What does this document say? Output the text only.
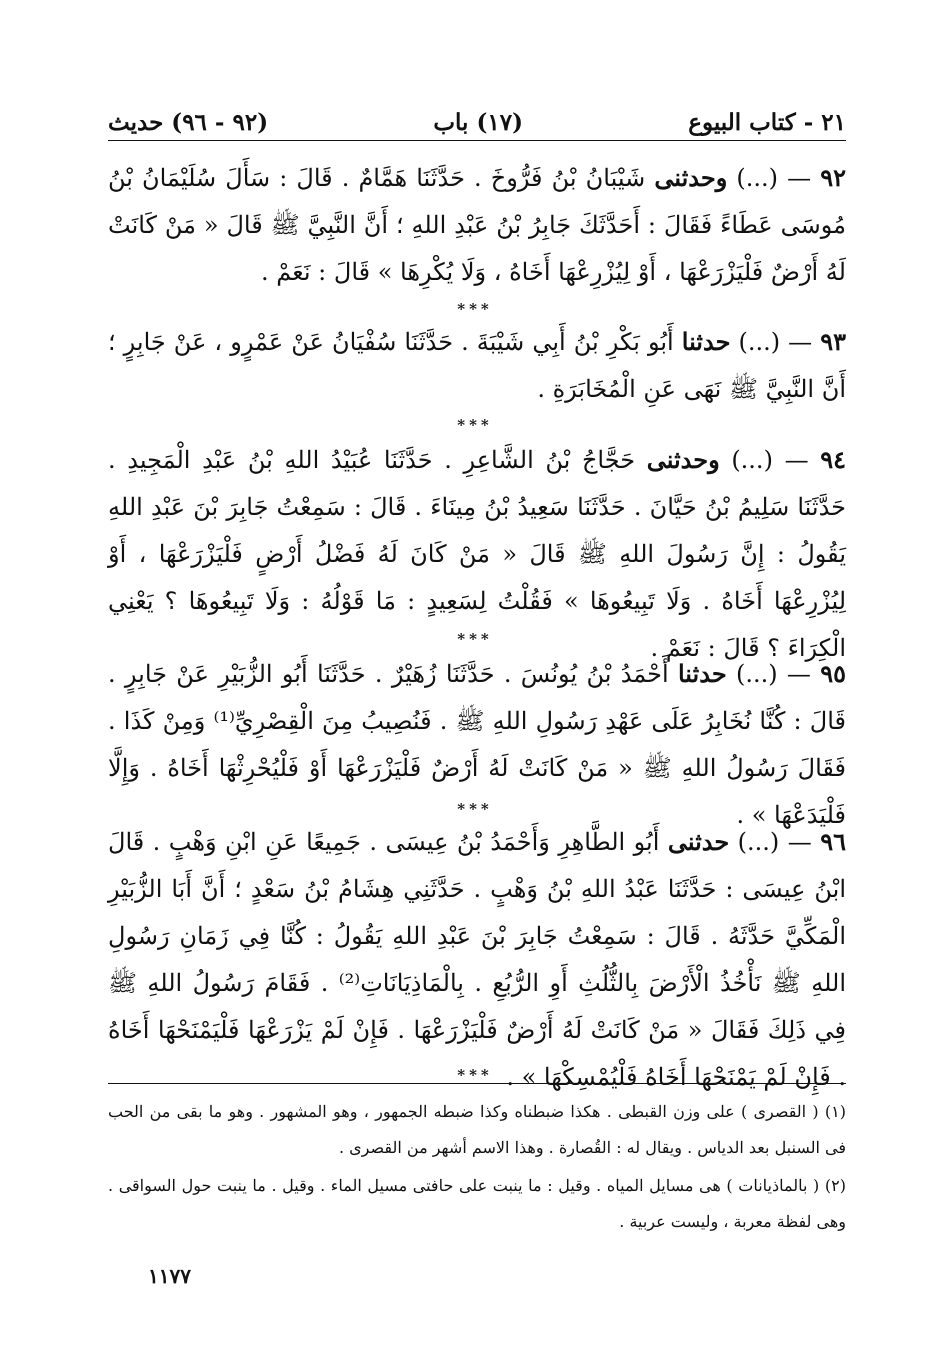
٢١ - كتاب البيوع
(١٧) باب
(٩٢ - ٩٦) حديث
٩٢ — (...) وحدثنى شَيْبَانُ بْنُ فَرُّوخَ . حَدَّثَنَا هَمَّامٌ . قَالَ : سَأَلَ سُلَيْمَانُ بْنُ مُوسَى عَطَاءً فَقَالَ : أَحَدَّثَكَ جَابِرُ بْنُ عَبْدِ اللهِ ؛ أَنَّ النَّبِيَّ ﷺ قَالَ « مَنْ كَانَتْ لَهُ أَرْضٌ فَلْيَزْرَعْهَا ، أَوْ لِيُزْرِعْهَا أَخَاهُ ، وَلَا يُكْرِهَا » قَالَ : نَعَمْ .
***
٩٣ — (...) حدثنا أَبُو بَكْرِ بْنُ أَبِي شَيْبَةَ . حَدَّثَنَا سُفْيَانُ عَنْ عَمْرٍو ، عَنْ جَابِرٍ ؛ أَنَّ النَّبِيَّ ﷺ نَهَى عَنِ الْمُخَابَرَةِ .
***
٩٤ — (...) وحدثنى حَجَّاجُ بْنُ الشَّاعِرِ . حَدَّثَنَا عُبَيْدُ اللهِ بْنُ عَبْدِ الْمَجِيدِ . حَدَّثَنَا سَلِيمُ بْنُ حَيَّانَ . حَدَّثَنَا سَعِيدُ بْنُ مِينَاءَ . قَالَ : سَمِعْتُ جَابِرَ بْنَ عَبْدِ اللهِ يَقُولُ : إِنَّ رَسُولَ اللهِ ﷺ قَالَ « مَنْ كَانَ لَهُ فَضْلُ أَرْضٍ فَلْيَزْرَعْهَا ، أَوْ لِيُزْرِعْهَا أَخَاهُ . وَلَا تَبِيعُوهَا » فَقُلْتُ لِسَعِيدٍ : مَا قَوْلُهُ : وَلَا تَبِيعُوهَا ؟ يَعْنِي الْكِرَاءَ ؟ قَالَ : نَعَمْ .
***
٩٥ — (...) حدثنا أَحْمَدُ بْنُ يُونُسَ . حَدَّثَنَا زُهَيْرٌ . حَدَّثَنَا أَبُو الزُّبَيْرِ عَنْ جَابِرٍ . قَالَ : كُنَّا نُخَابِرُ عَلَى عَهْدِ رَسُولِ اللهِ ﷺ . فَنُصِيبُ مِنَ الْقِصْرِيِّ⁽¹⁾ وَمِنْ كَذَا . فَقَالَ رَسُولُ اللهِ ﷺ « مَنْ كَانَتْ لَهُ أَرْضٌ فَلْيَزْرَعْهَا أَوْ فَلْيُحْرِثْهَا أَخَاهُ . وَإِلَّا فَلْيَدَعْهَا » .
***
٩٦ — (...) حدثنى أَبُو الطَّاهِرِ وَأَحْمَدُ بْنُ عِيسَى . جَمِيعًا عَنِ ابْنِ وَهْبٍ . قَالَ ابْنُ عِيسَى : حَدَّثَنَا عَبْدُ اللهِ بْنُ وَهْبٍ . حَدَّثَنِي هِشَامُ بْنُ سَعْدٍ ؛ أَنَّ أَبَا الزُّبَيْرِ الْمَكِّيَّ حَدَّثَهُ . قَالَ : سَمِعْتُ جَابِرَ بْنَ عَبْدِ اللهِ يَقُولُ : كُنَّا فِي زَمَانِ رَسُولِ اللهِ ﷺ نَأْخُذُ الْأَرْضَ بِالثُّلُثِ أَوِ الرُّبُعِ . بِالْمَاذِيَانَاتِ⁽²⁾ . فَقَامَ رَسُولُ اللهِ ﷺ فِي ذَلِكَ فَقَالَ « مَنْ كَانَتْ لَهُ أَرْضٌ فَلْيَزْرَعْهَا . فَإِنْ لَمْ يَزْرَعْهَا فَلْيَمْنَحْهَا أَخَاهُ . فَإِنْ لَمْ يَمْنَحْهَا أَخَاهُ فَلْيُمْسِكْهَا » .
***
(١) ( القصرى ) على وزن القبطى . هكذا ضبطناه وكذا ضبطه الجمهور ، وهو المشهور . وهو ما بقى من الحب فى السنبل بعد الدياس . ويقال له : القُصارة . وهذا الاسم أشهر من القصرى .
(٢) ( بالماذيانات ) هى مسايل المياه . وقيل : ما ينبت على حافتى مسيل الماء . وقيل . ما ينبت حول السواقى . وهى لفظة معربة ، وليست عربية .
١١٧٧
